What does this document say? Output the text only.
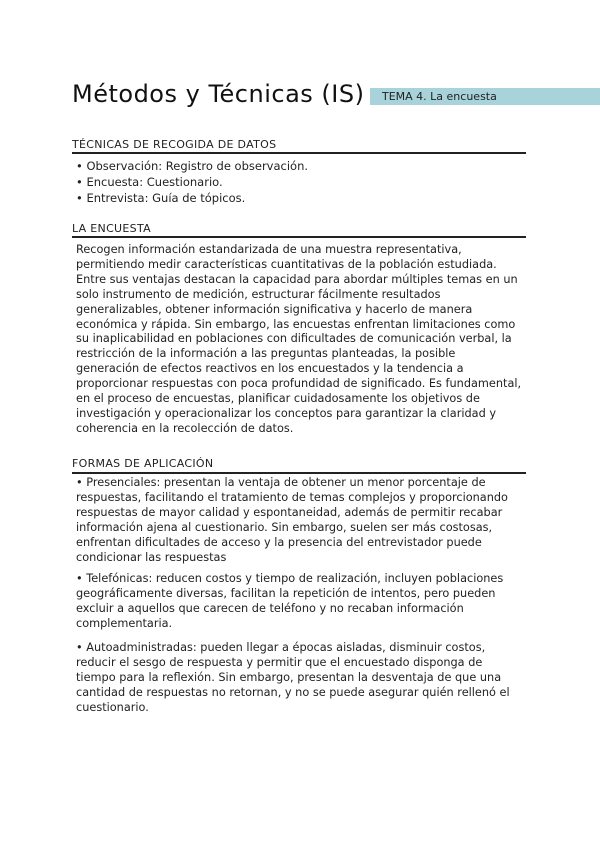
Métodos y Técnicas (IS)	TEMA 4. La encuesta
TÉCNICAS DE RECOGIDA DE DATOS
• Observación: Registro de observación.
• Encuesta: Cuestionario.
• Entrevista: Guía de tópicos.
LA ENCUESTA

Recogen información estandarizada de una muestra representativa, permitiendo medir características cuantitativas de la población estudiada. Entre sus ventajas destacan la capacidad para abordar múltiples temas en un solo instrumento de medición, estructurar fácilmente resultados generalizables, obtener información significativa y hacerlo de manera económica y rápida. Sin embargo, las encuestas enfrentan limitaciones como su inaplicabilidad en poblaciones con dificultades de comunicación verbal, la restricción de la información a las preguntas planteadas, la posible generación de efectos reactivos en los encuestados y la tendencia a proporcionar respuestas con poca profundidad de significado. Es fundamental, en el proceso de encuestas, planificar cuidadosamente los objetivos de investigación y operacionalizar los conceptos para garantizar la claridad y coherencia en la recolección de datos.

FORMAS DE APLICACIÓN

• Presenciales: presentan la ventaja de obtener un menor porcentaje de respuestas, facilitando el tratamiento de temas complejos y proporcionando respuestas de mayor calidad y espontaneidad, además de permitir recabar información ajena al cuestionario. Sin embargo, suelen ser más costosas, enfrentan dificultades de acceso y la presencia del entrevistador puede condicionar las respuestas

• Telefónicas: reducen costos y tiempo de realización, incluyen poblaciones geográficamente diversas, facilitan la repetición de intentos, pero pueden excluir a aquellos que carecen de teléfono y no recaban información complementaria.

• Autoadministradas: pueden llegar a épocas aisladas, disminuir costos, reducir el sesgo de respuesta y permitir que el encuestado disponga de tiempo para la reflexión. Sin embargo, presentan la desventaja de que una cantidad de respuestas no retornan, y no se puede asegurar quién rellenó el cuestionario.
